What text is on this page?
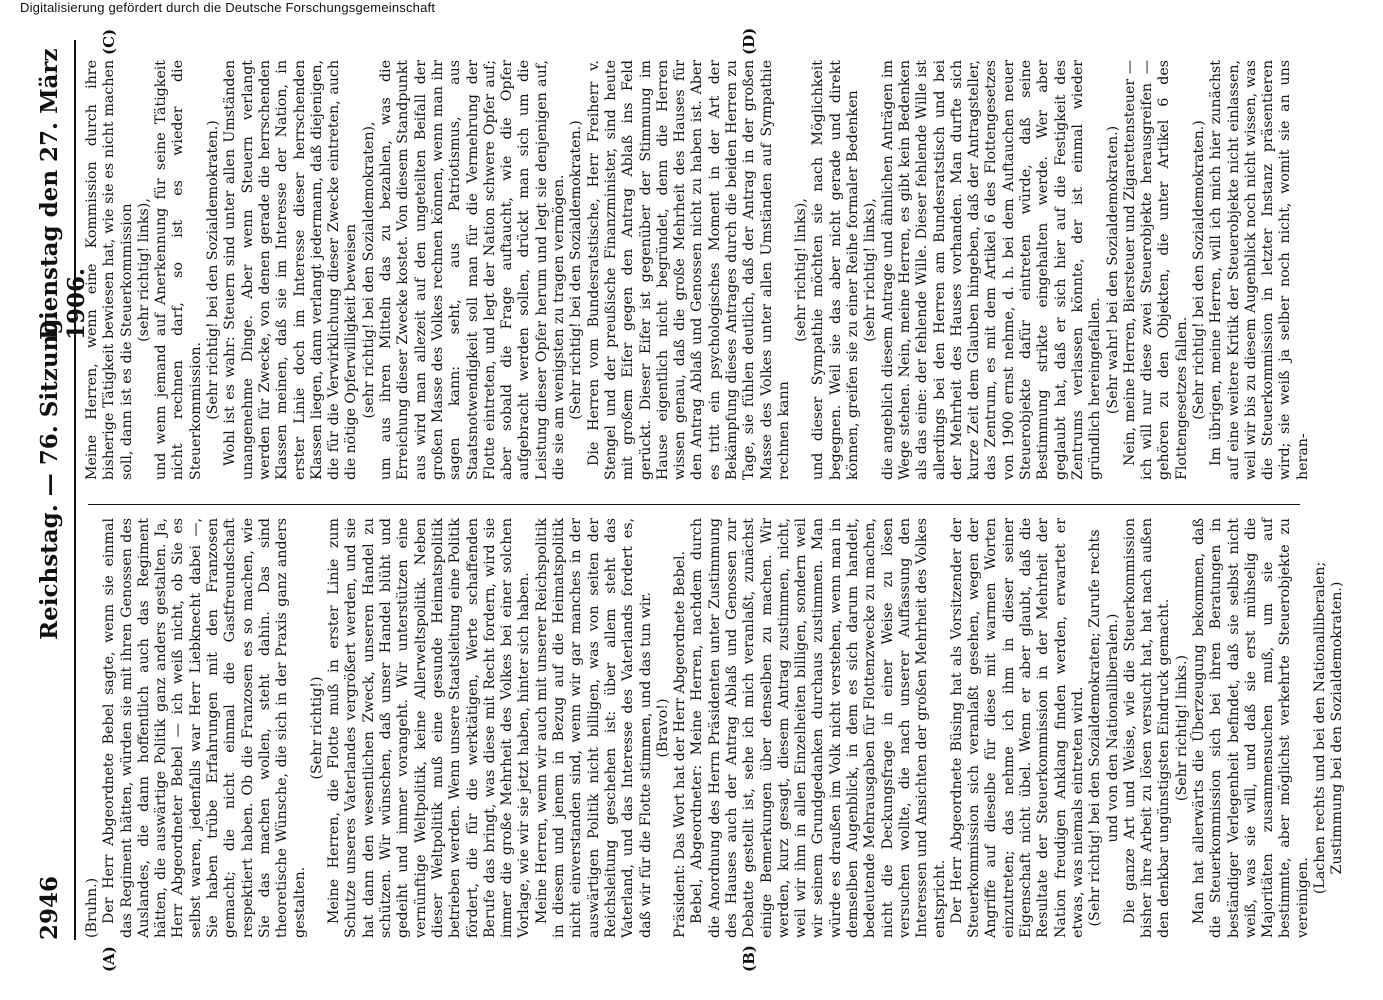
2946
Reichstag. — 76. Sitzung.
Dienstag den 27. März 1906.
(A)	(B)
(C)	(D)

(Bruhn.) Der Herr Abgeordnete Bebel sagte, wenn sie einmal das Regiment hätten, würden sie mit ihren Genossen des Auslandes, die dann hoffentlich auch das Regiment hätten, die auswärtige Politik ganz anders gestalten. Ja, Herr Abgeordneter Bebel — ich weiß nicht, ob Sie es selbst waren, jedenfalls war Herr Liebknecht dabei —, Sie haben trübe Erfahrungen mit den Franzosen gemacht; die nicht einmal die Gastfreundschaft respektiert haben. Ob die Franzosen es so machen, wie Sie das machen wollen, steht dahin. Das sind theoretische Wünsche, die sich in der Praxis ganz anders gestalten.

(Sehr richtig!) Meine Herren, die Flotte muß in erster Linie zum Schutze unseres Vaterlandes vergrößert werden, und sie hat dann den wesentlichen Zweck, unseren Handel zu schützen. Wir wünschen, daß unser Handel blüht und gedeiht und immer vorangeht. Wir unterstützen eine vernünftige Weltpolitik, keine Allerweltspolitik. Neben dieser Weltpolitik muß eine gesunde Heimatspolitik betrieben werden. Wenn unsere Staatsleitung eine Politik fördert, die für die werktätigen, Werte schaffenden Berufe das bringt, was diese mit Recht fordern, wird sie immer die große Mehrheit des Volkes bei einer solchen Vorlage, wie wir sie jetzt haben, hinter sich haben. Meine Herren, wenn wir auch mit unserer Reichspolitik in diesem und jenem in Bezug auf die Heimatspolitik nicht einverstanden sind, wenn wir gar manches in der auswärtigen Politik nicht billigen, was von seiten der Reichsleitung geschehen ist: über allem steht das Vaterland, und das Interesse des Vaterlands fordert es, daß wir für die Flotte stimmen, und das tun wir. (Bravo!) Präsident: Das Wort hat der Herr Abgeordnete Bebel. Bebel, Abgeordneter: Meine Herren, nachdem durch die Anordnung des Herrn Präsidenten unter Zustimmung des Hauses auch der Antrag Ablaß und Genossen zur Debatte gestellt ist, sehe ich mich veranlaßt, zunächst einige Bemerkungen über denselben zu machen. Wir werden, kurz gesagt, diesem Antrag zustimmen, nicht, weil wir ihm in allen Einzelheiten billigen, sondern weil wir seinem Grundgedanken durchaus zustimmen. Man würde es draußen im Volk nicht verstehen, wenn man in demselben Augenblick, in dem es sich darum handelt, bedeutende Mehrausgaben für Flottenzwecke zu machen, nicht die Deckungsfrage in einer Weise zu lösen versuchen wollte, die nach unserer Auffassung den Interessen und Ansichten der großen Mehrheit des Volkes entspricht. Der Herr Abgeordnete Büsing hat als Vorsitzender der Steuerkommission sich veranlaßt gesehen, wegen der Angriffe auf dieselbe für diese mit warmen Worten einzutreten; das nehme ich ihm in dieser seiner Eigenschaft nicht übel. Wenn er aber glaubt, daß die Resultate der Steuerkommission in der Mehrheit der Nation freudigen Anklang finden werden, erwartet er etwas, was niemals eintreten wird. (Sehr richtig! bei den Sozialdemokraten; Zurufe rechts und von den Nationalliberalen.) Die ganze Art und Weise, wie die Steuerkommission bisher ihre Arbeit zu lösen versucht hat, hat nach außen den denkbar ungünstigsten Eindruck gemacht. (Sehr richtig! links.) Man hat allerwärts die Überzeugung bekommen, daß die Steuerkommission sich bei ihren Beratungen in beständiger Verlegenheit befindet, daß sie selbst nicht weiß, was sie will, und daß sie erst mühselig die Majoritäten zusammensuchen muß, um sie auf bestimmte, aber möglichst verkehrte Steuerobjekte zu vereinigen.

(Lachen rechts und bei den Nationalliberalen; Zustimmung bei den Sozialdemokraten.)

Meine Herren, wenn eine Kommission durch ihre bisherige Tätigkeit bewiesen hat, wie sie es nicht machen soll, dann ist es die Steuerkommission (sehr richtig! links), und wenn jemand auf Anerkennung für seine Tätigkeit nicht rechnen darf, so ist es wieder die Steuerkommission. (Sehr richtig! bei den Sozialdemokraten.) Wohl ist es wahr: Steuern sind unter allen Umständen unangenehme Dinge. Aber wenn Steuern verlangt werden für Zwecke, von denen gerade die herrschenden Klassen meinen, daß sie im Interesse der Nation, in erster Linie doch im Interesse dieser herrschenden Klassen liegen, dann verlangt jedermann, daß diejenigen, die für die Verwirklichung dieser Zwecke eintreten, auch die nötige Opferwilligkeit beweisen (sehr richtig! bei den Sozialdemokraten), um aus ihren Mitteln das zu bezahlen, was die Erreichung dieser Zwecke kostet. Von diesem Standpunkt aus wird man allezeit auf den ungeteilten Beifall der großen Masse des Volkes rechnen können, wenn man ihr sagen kann: seht, aus Patriotismus, aus Staatsnotwendigkeit soll man für die Vermehrung der Flotte eintreten, und legt der Nation schwere Opfer auf; aber sobald die Frage auftaucht, wie die Opfer aufgebracht werden sollen, drückt man sich um die Leistung dieser Opfer herum und legt sie denjenigen auf, die sie am wenigsten zu tragen vermögen. (Sehr richtig! bei den Sozialdemokraten.) Die Herren vom Bundesratstische, Herr Freiherr v. Stengel und der preußische Finanzminister, sind heute mit großem Eifer gegen den Antrag Ablaß ins Feld gerückt. Dieser Eifer ist gegenüber der Stimmung im Hause eigentlich nicht begründet, denn die Herren wissen genau, daß die große Mehrheit des Hauses für den Antrag Ablaß und Genossen nicht zu haben ist. Aber es tritt ein psychologisches Moment in der Art der Bekämpfung dieses Antrages durch die beiden Herren zu Tage, sie fühlen deutlich, daß der Antrag in der großen Masse des Volkes unter allen Umständen auf Sympathie rechnen kann

(sehr richtig! links), und dieser Sympathie möchten sie nach Möglichkeit begegnen. Weil sie das aber nicht gerade und direkt können, greifen sie zu einer Reihe formaler Bedenken (sehr richtig! links), die angeblich diesem Antrage und ähnlichen Anträgen im Wege stehen. Nein, meine Herren, es gibt kein Bedenken als das eine: der fehlende Wille. Dieser fehlende Wille ist allerdings bei den Herren am Bundesratstisch und bei der Mehrheit des Hauses vorhanden. Man durfte sich kurze Zeit dem Glauben hingeben, daß der Antragsteller, das Zentrum, es mit dem Artikel 6 des Flottengesetzes von 1900 ernst nehme, d. h. bei dem Auftauchen neuer Steuerobjekte dafür eintreten würde, daß seine Bestimmung strikte eingehalten werde. Wer aber geglaubt hat, daß er sich hier auf die Festigkeit des Zentrums verlassen könnte, der ist einmal wieder gründlich hereingefallen. (Sehr wahr! bei den Sozialdemokraten.) Nein, meine Herren, Biersteuer und Zigarettensteuer — ich will nur diese zwei Steuerobjekte herausgreifen — gehören zu den Objekten, die unter Artikel 6 des Flottengesetzes fallen. (Sehr richtig! bei den Sozialdemokraten.) Im übrigen, meine Herren, will ich mich hier zunächst auf eine weitere Kritik der Steuerobjekte nicht einlassen, weil wir bis zu diesem Augenblick noch nicht wissen, was die Steuerkommission in letzter Instanz präsentieren wird; sie weiß ja selber noch nicht, womit sie an uns heran-

Digitalisierung gefördert durch die Deutsche Forschungsgemeinschaft
